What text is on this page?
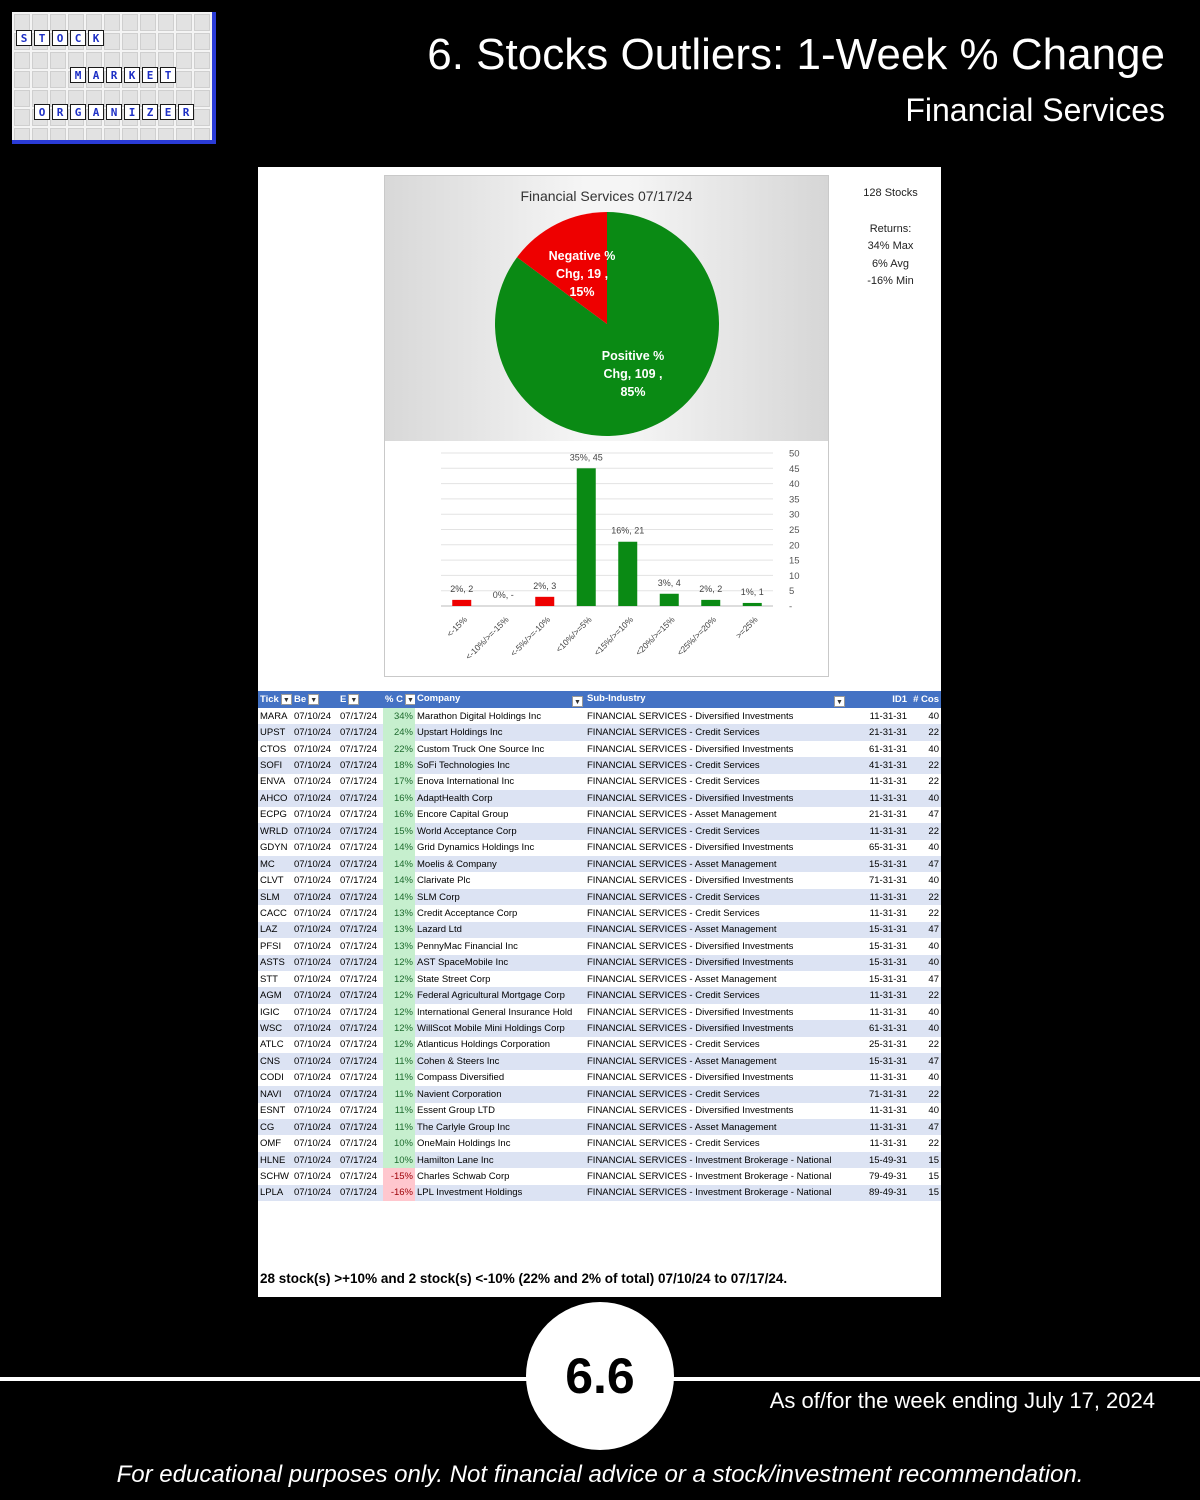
S	T	O	C	K
M	A	R	K	E	T
O	R	G	A	N	I	Z	E	R
6. Stocks Outliers: 1-Week % Change
Financial Services
Financial Services 07/17/24
Negative %
Chg, 19 ,
15%
Positive %
Chg, 109 ,
85%
-
5
10
15
20
25
30
35
40
45
50
2%, 2
<-15%
0%, -
<-10%/>=-15%
2%, 3
<-5%/>=-10%
35%, 45
<10%/>=5%
16%, 21
<15%/>=10%
3%, 4
<20%/>=15%
2%, 2
<25%/>=20%
1%, 1
>=25%
128 Stocks
Returns:
34% Max
6% Avg
-16% Min
Tick ▼	Be ▼	E ▼	% C ▼	Company ▼	Sub-Industry ▼	ID1	# Cos
MARA	07/10/24	07/17/24	34%	Marathon Digital Holdings Inc	FINANCIAL SERVICES - Diversified Investments	11-31-31	40
UPST	07/10/24	07/17/24	24%	Upstart Holdings Inc	FINANCIAL SERVICES - Credit Services	21-31-31	22
CTOS	07/10/24	07/17/24	22%	Custom Truck One Source Inc	FINANCIAL SERVICES - Diversified Investments	61-31-31	40
SOFI	07/10/24	07/17/24	18%	SoFi Technologies Inc	FINANCIAL SERVICES - Credit Services	41-31-31	22
ENVA	07/10/24	07/17/24	17%	Enova International Inc	FINANCIAL SERVICES - Credit Services	11-31-31	22
AHCO	07/10/24	07/17/24	16%	AdaptHealth Corp	FINANCIAL SERVICES - Diversified Investments	11-31-31	40
ECPG	07/10/24	07/17/24	16%	Encore Capital Group	FINANCIAL SERVICES - Asset Management	21-31-31	47
WRLD	07/10/24	07/17/24	15%	World Acceptance Corp	FINANCIAL SERVICES - Credit Services	11-31-31	22
GDYN	07/10/24	07/17/24	14%	Grid Dynamics Holdings Inc	FINANCIAL SERVICES - Diversified Investments	65-31-31	40
MC	07/10/24	07/17/24	14%	Moelis & Company	FINANCIAL SERVICES - Asset Management	15-31-31	47
CLVT	07/10/24	07/17/24	14%	Clarivate Plc	FINANCIAL SERVICES - Diversified Investments	71-31-31	40
SLM	07/10/24	07/17/24	14%	SLM Corp	FINANCIAL SERVICES - Credit Services	11-31-31	22
CACC	07/10/24	07/17/24	13%	Credit Acceptance Corp	FINANCIAL SERVICES - Credit Services	11-31-31	22
LAZ	07/10/24	07/17/24	13%	Lazard Ltd	FINANCIAL SERVICES - Asset Management	15-31-31	47
PFSI	07/10/24	07/17/24	13%	PennyMac Financial Inc	FINANCIAL SERVICES - Diversified Investments	15-31-31	40
ASTS	07/10/24	07/17/24	12%	AST SpaceMobile Inc	FINANCIAL SERVICES - Diversified Investments	15-31-31	40
STT	07/10/24	07/17/24	12%	State Street Corp	FINANCIAL SERVICES - Asset Management	15-31-31	47
AGM	07/10/24	07/17/24	12%	Federal Agricultural Mortgage Corp	FINANCIAL SERVICES - Credit Services	11-31-31	22
IGIC	07/10/24	07/17/24	12%	International General Insurance Hold	FINANCIAL SERVICES - Diversified Investments	11-31-31	40
WSC	07/10/24	07/17/24	12%	WillScot Mobile Mini Holdings Corp	FINANCIAL SERVICES - Diversified Investments	61-31-31	40
ATLC	07/10/24	07/17/24	12%	Atlanticus Holdings Corporation	FINANCIAL SERVICES - Credit Services	25-31-31	22
CNS	07/10/24	07/17/24	11%	Cohen & Steers Inc	FINANCIAL SERVICES - Asset Management	15-31-31	47
CODI	07/10/24	07/17/24	11%	Compass Diversified	FINANCIAL SERVICES - Diversified Investments	11-31-31	40
NAVI	07/10/24	07/17/24	11%	Navient Corporation	FINANCIAL SERVICES - Credit Services	71-31-31	22
ESNT	07/10/24	07/17/24	11%	Essent Group LTD	FINANCIAL SERVICES - Diversified Investments	11-31-31	40
CG	07/10/24	07/17/24	11%	The Carlyle Group Inc	FINANCIAL SERVICES - Asset Management	11-31-31	47
OMF	07/10/24	07/17/24	10%	OneMain Holdings Inc	FINANCIAL SERVICES - Credit Services	11-31-31	22
HLNE	07/10/24	07/17/24	10%	Hamilton Lane Inc	FINANCIAL SERVICES - Investment Brokerage - National	15-49-31	15
SCHW	07/10/24	07/17/24	-15%	Charles Schwab Corp	FINANCIAL SERVICES - Investment Brokerage - National	79-49-31	15
LPLA	07/10/24	07/17/24	-16%	LPL Investment Holdings	FINANCIAL SERVICES - Investment Brokerage - National	89-49-31	15
28 stock(s) >+10% and 2 stock(s) <-10% (22% and 2% of total) 07/10/24 to 07/17/24.
6.6	As of/for the week ending July 17, 2024
For educational purposes only. Not financial advice or a stock/investment recommendation.
